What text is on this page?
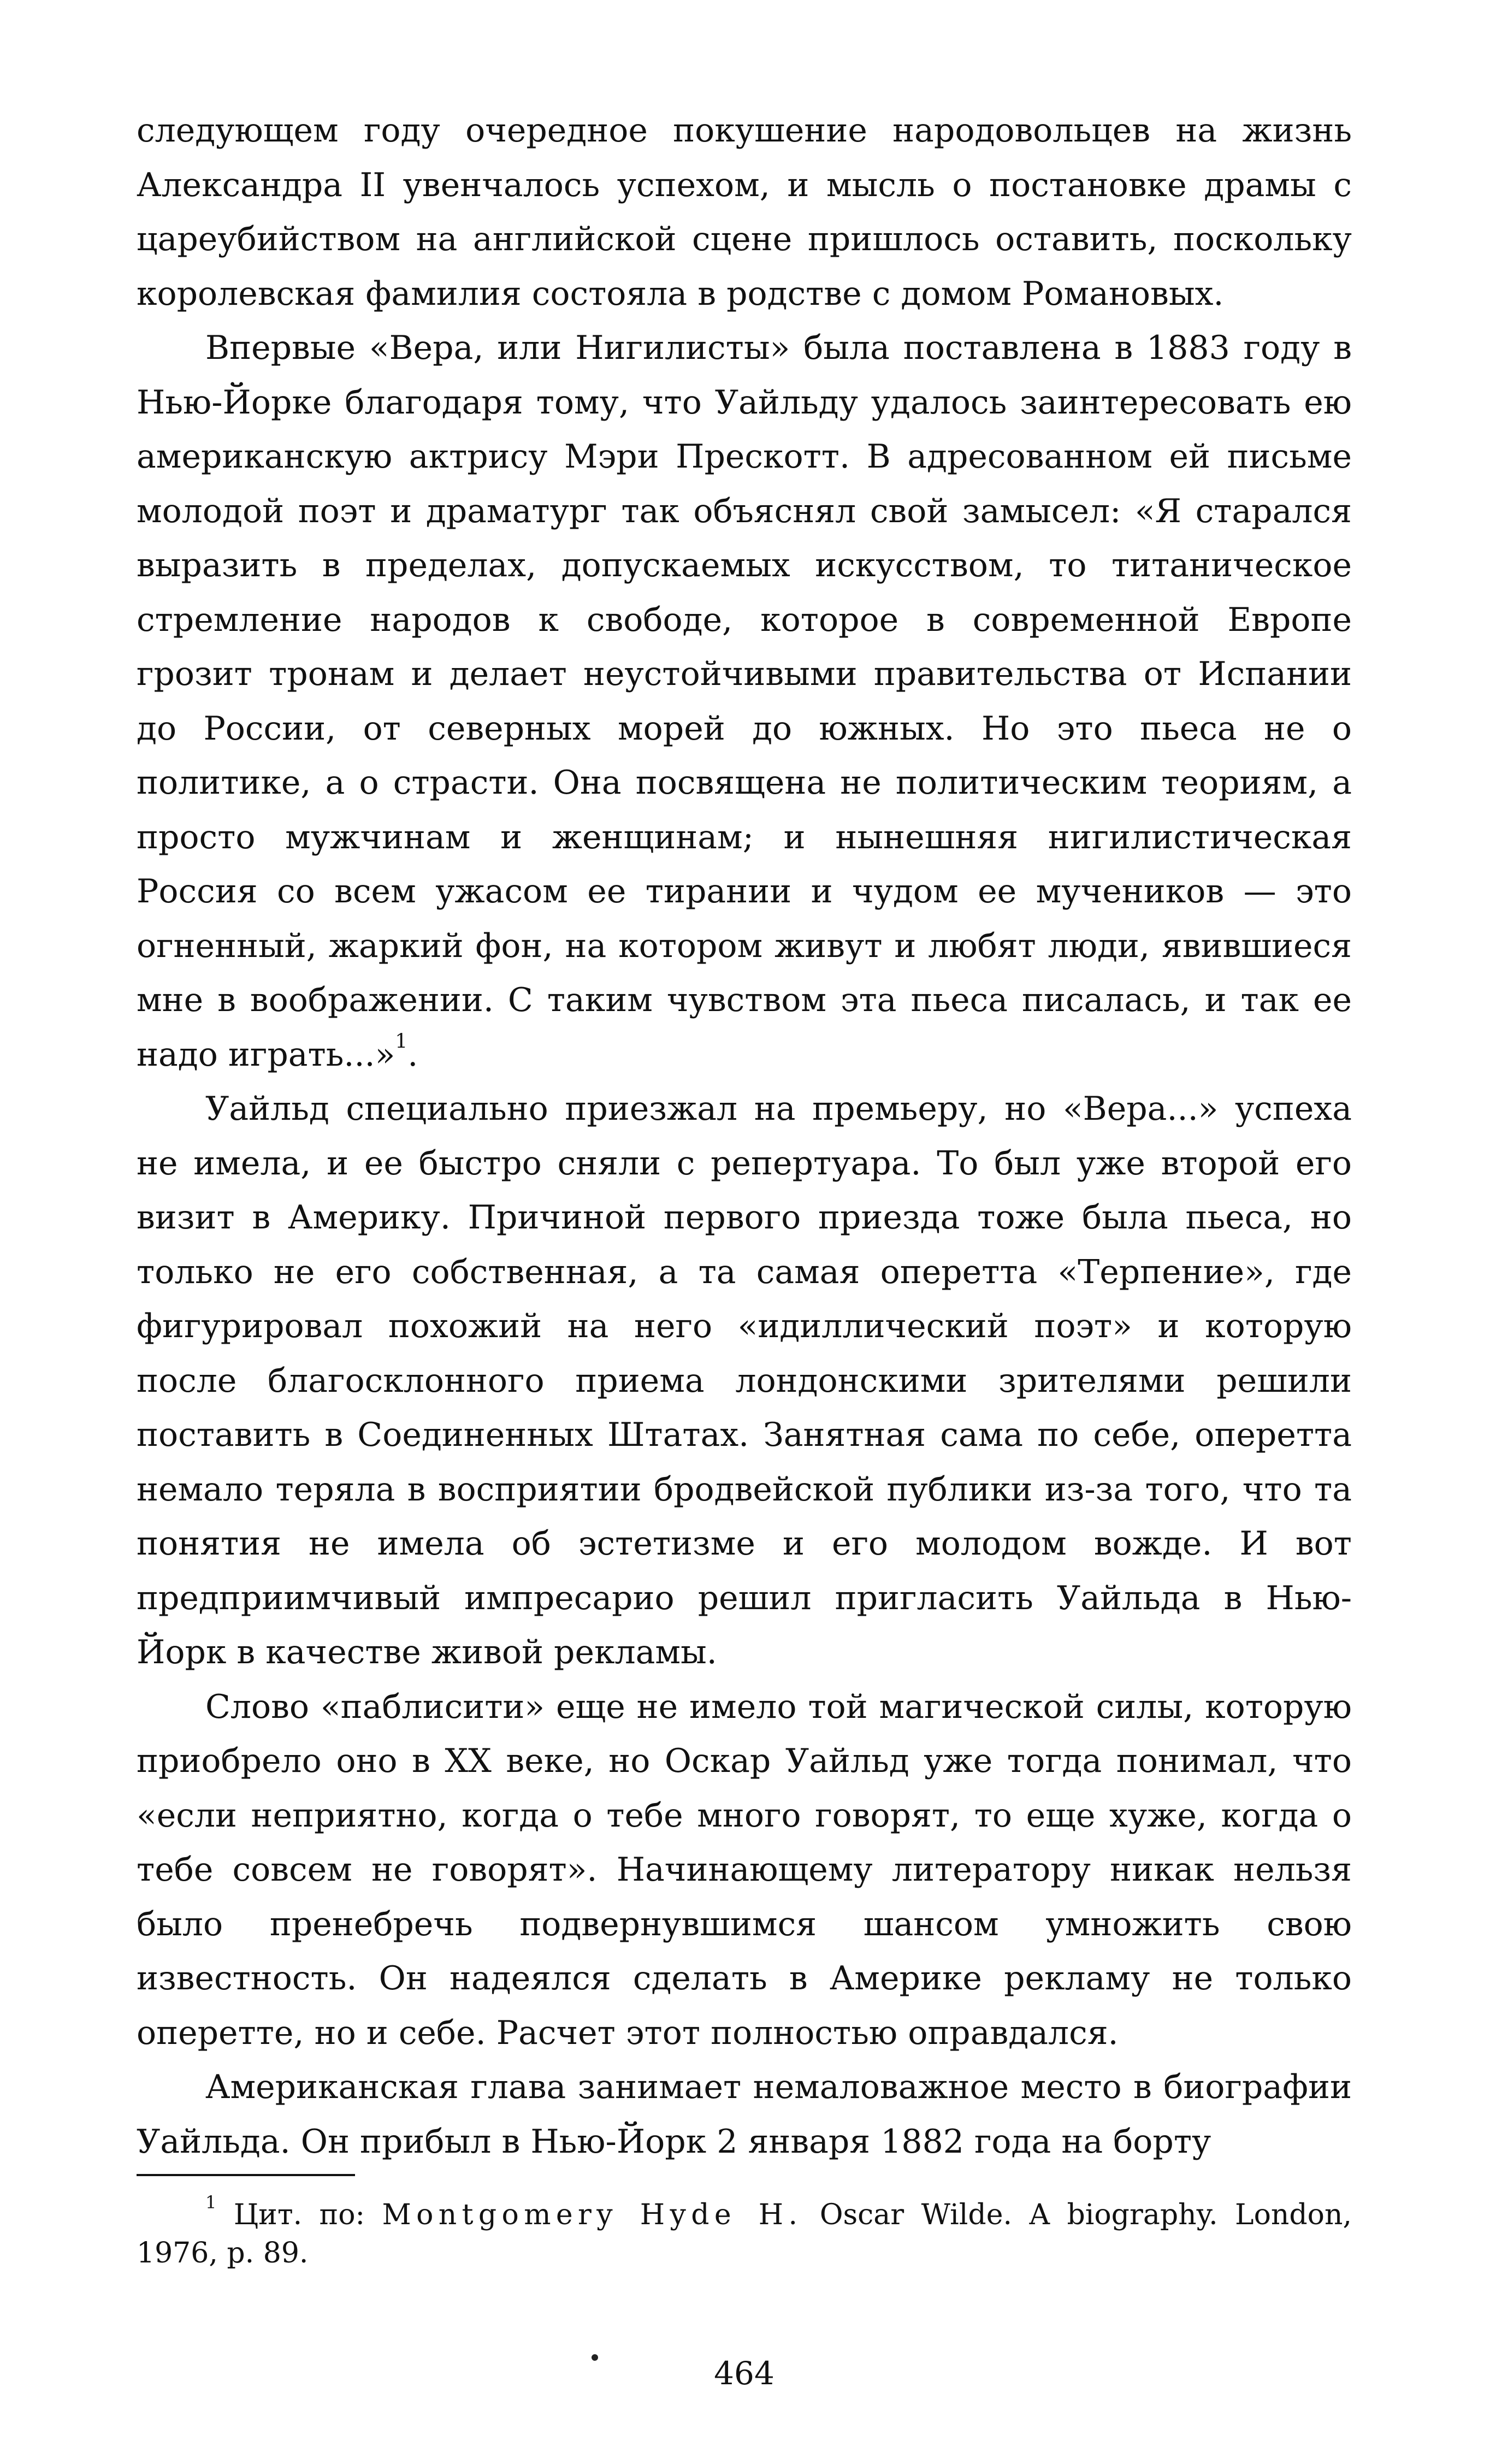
следующем году очередное покушение народовольцев на жизнь Александра II увенчалось успехом, и мысль о постановке драмы с цареубийством на английской сцене пришлось оставить, поскольку королевская фамилия состояла в родстве с домом Романовых.

Впервые «Вера, или Нигилисты» была поставлена в 1883 году в Нью-Йорке благодаря тому, что Уайльду удалось заинтересовать ею американскую актрису Мэри Прескотт. В адресованном ей письме молодой поэт и драматург так объяснял свой замысел: «Я старался выразить в пределах, допускаемых искусством, то титаническое стремление народов к свободе, которое в современной Европе грозит тронам и делает неустойчивыми правительства от Испании до России, от северных морей до южных. Но это пьеса не о политике, а о страсти. Она посвящена не политическим теориям, а просто мужчинам и женщинам; и нынешняя нигилистическая Россия со всем ужасом ее тирании и чудом ее мучеников — это огненный, жаркий фон, на котором живут и любят люди, явившиеся мне в воображении. С таким чувством эта пьеса писалась, и так ее надо играть...»$^1$.

Уайльд специально приезжал на премьеру, но «Вера...» успеха не имела, и ее быстро сняли с репертуара. То был уже второй его визит в Америку. Причиной первого приезда тоже была пьеса, но только не его собственная, а та самая оперетта «Терпение», где фигурировал похожий на него «идиллический поэт» и которую после благосклонного приема лондонскими зрителями решили поставить в Соединенных Штатах. Занятная сама по себе, оперетта немало теряла в восприятии бродвейской публики из-за того, что та понятия не имела об эстетизме и его молодом вожде. И вот предприимчивый импресарио решил пригласить Уайльда в Нью-Йорк в качестве живой рекламы.

Слово «паблисити» еще не имело той магической силы, которую приобрело оно в XX веке, но Оскар Уайльд уже тогда понимал, что «если неприятно, когда о тебе много говорят, то еще хуже, когда о тебе совсем не говорят». Начинающему литератору никак нельзя было пренебречь подвернувшимся шансом умножить свою известность. Он надеялся сделать в Америке рекламу не только оперетте, но и себе. Расчет этот полностью оправдался.

Американская глава занимает немаловажное место в биографии Уайльда. Он прибыл в Нью-Йорк 2 января 1882 года на борту

$^1$ Цит. по: Montgomery Hyde H. Oscar Wilde. A biography. London, 1976, p. 89.

464
